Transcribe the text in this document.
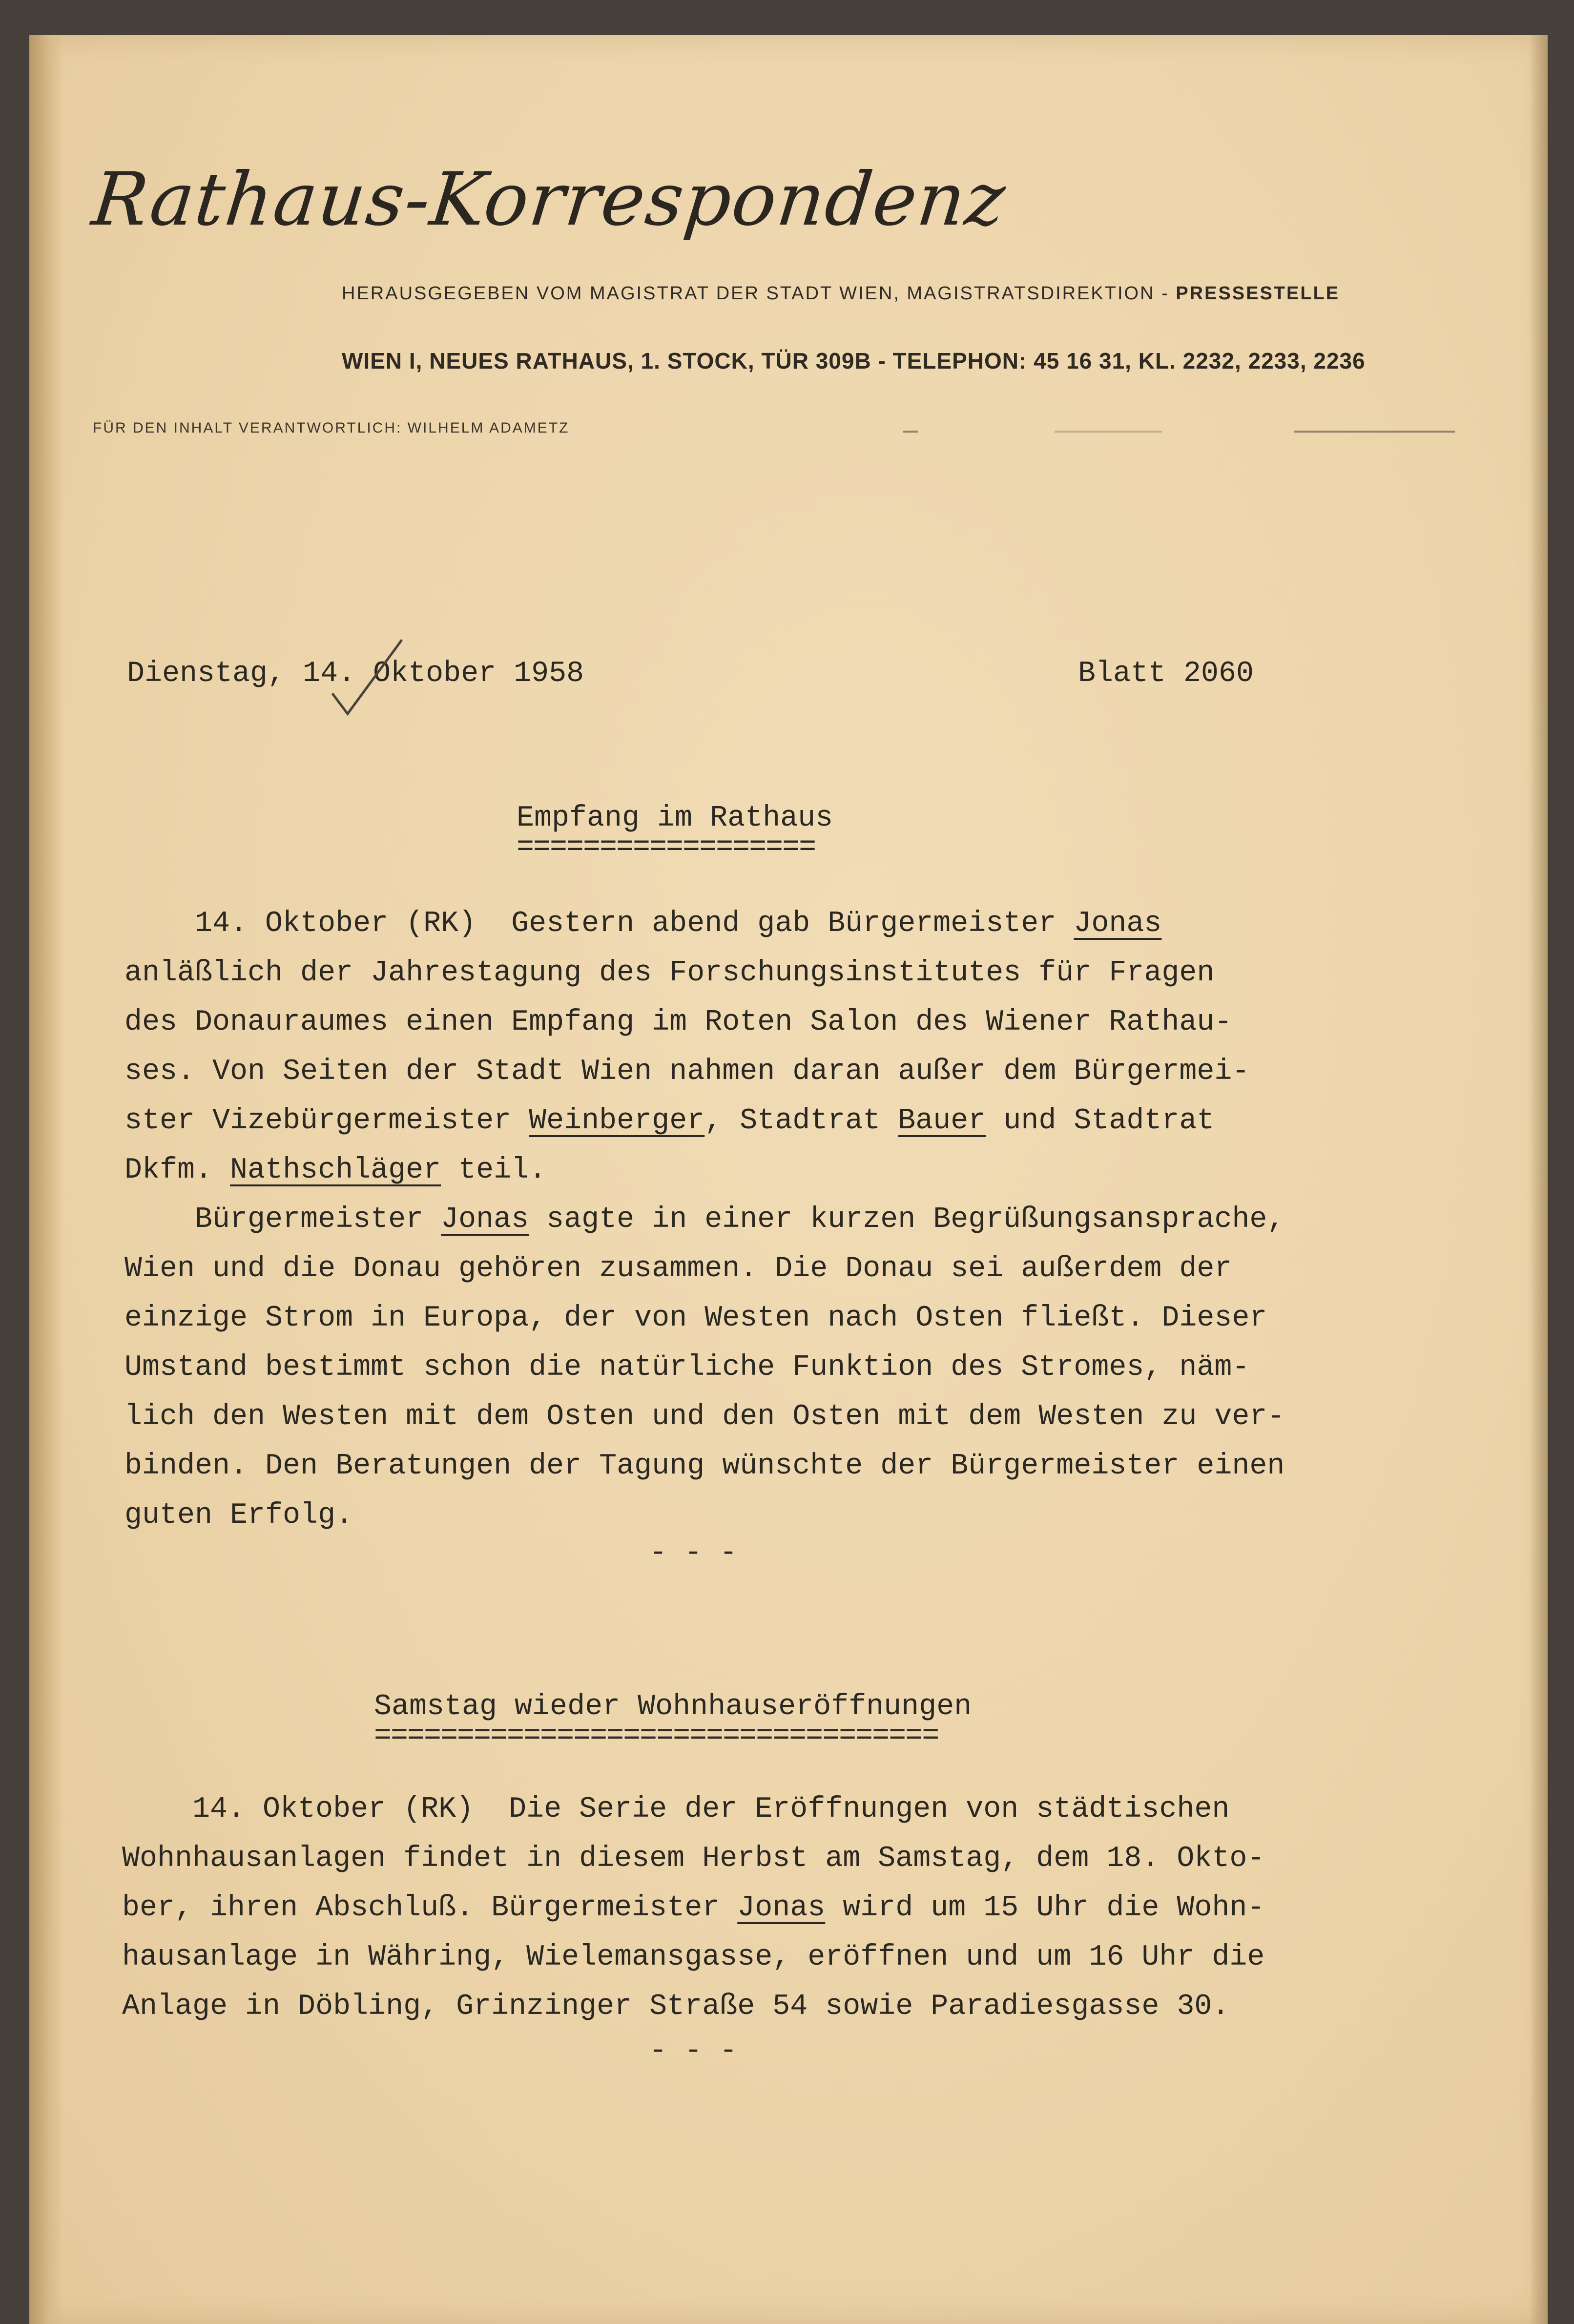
Rathaus-Korrespondenz
HERAUSGEGEBEN VOM MAGISTRAT DER STADT WIEN, MAGISTRATSDIREKTION - PRESSESTELLE
WIEN I, NEUES RATHAUS, 1. STOCK, TÜR 309B - TELEPHON: 45 16 31, KL. 2232, 2233, 2236
FÜR DEN INHALT VERANTWORTLICH: WILHELM ADAMETZ
Dienstag, 14. Oktober 1958	Blatt 2060
Empfang im Rathaus
==================
14. Oktober (RK)  Gestern abend gab Bürgermeister Jonas
anläßlich der Jahrestagung des Forschungsinstitutes für Fragen
des Donauraumes einen Empfang im Roten Salon des Wiener Rathau-
ses. Von Seiten der Stadt Wien nahmen daran außer dem Bürgermei-
ster Vizebürgermeister Weinberger, Stadtrat Bauer und Stadtrat
Dkfm. Nathschläger teil.
Bürgermeister Jonas sagte in einer kurzen Begrüßungsansprache,
Wien und die Donau gehören zusammen. Die Donau sei außerdem der
einzige Strom in Europa, der von Westen nach Osten fließt. Dieser
Umstand bestimmt schon die natürliche Funktion des Stromes, näm-
lich den Westen mit dem Osten und den Osten mit dem Westen zu ver-
binden. Den Beratungen der Tagung wünschte der Bürgermeister einen
guten Erfolg.
- - -
Samstag wieder Wohnhauseröffnungen
==================================
14. Oktober (RK)  Die Serie der Eröffnungen von städtischen
Wohnhausanlagen findet in diesem Herbst am Samstag, dem 18. Okto-
ber, ihren Abschluß. Bürgermeister Jonas wird um 15 Uhr die Wohn-
hausanlage in Währing, Wielemansgasse, eröffnen und um 16 Uhr die
Anlage in Döbling, Grinzinger Straße 54 sowie Paradiesgasse 30.
- - -
